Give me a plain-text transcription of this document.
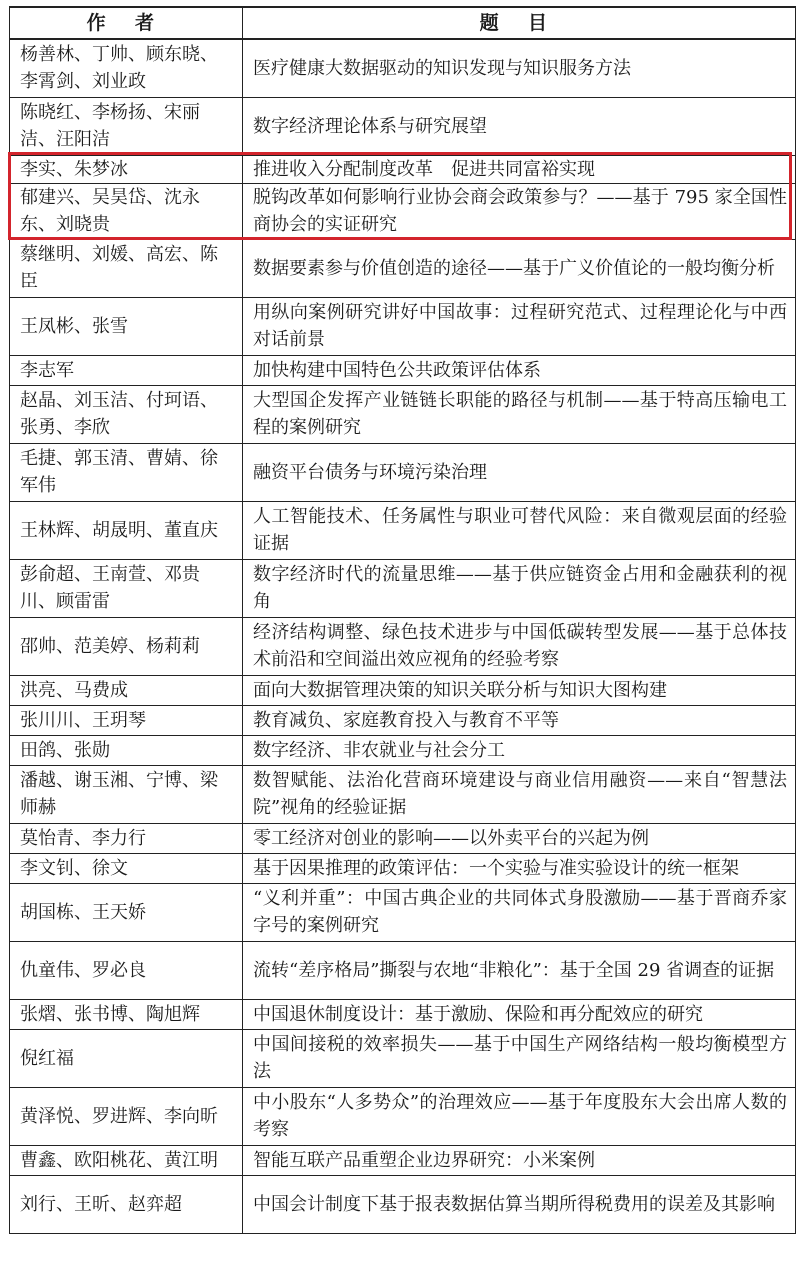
作 者	题 目
杨善林、丁帅、顾东晓、李霄剑、刘业政	医疗健康大数据驱动的知识发现与知识服务方法
陈晓红、李杨扬、宋丽洁、汪阳洁	数字经济理论体系与研究展望
李实、朱梦冰	推进收入分配制度改革　促进共同富裕实现
郁建兴、吴昊岱、沈永东、刘晓贵	脱钩改革如何影响行业协会商会政策参与？——基于 795 家全国性商协会的实证研究
蔡继明、刘媛、高宏、陈臣	数据要素参与价值创造的途径——基于广义价值论的一般均衡分析
王凤彬、张雪	用纵向案例研究讲好中国故事：过程研究范式、过程理论化与中西对话前景
李志军	加快构建中国特色公共政策评估体系
赵晶、刘玉洁、付珂语、张勇、李欣	大型国企发挥产业链链长职能的路径与机制——基于特高压输电工程的案例研究
毛捷、郭玉清、曹婧、徐军伟	融资平台债务与环境污染治理
王林辉、胡晟明、董直庆	人工智能技术、任务属性与职业可替代风险：来自微观层面的经验证据
彭俞超、王南萱、邓贵川、顾雷雷	数字经济时代的流量思维——基于供应链资金占用和金融获利的视角
邵帅、范美婷、杨莉莉	经济结构调整、绿色技术进步与中国低碳转型发展——基于总体技术前沿和空间溢出效应视角的经验考察
洪亮、马费成	面向大数据管理决策的知识关联分析与知识大图构建
张川川、王玥琴	教育减负、家庭教育投入与教育不平等
田鸽、张勋	数字经济、非农就业与社会分工
潘越、谢玉湘、宁博、梁师赫	数智赋能、法治化营商环境建设与商业信用融资——来自“智慧法院”视角的经验证据
莫怡青、李力行	零工经济对创业的影响——以外卖平台的兴起为例
李文钊、徐文	基于因果推理的政策评估：一个实验与准实验设计的统一框架
胡国栋、王天娇	“义利并重”：中国古典企业的共同体式身股激励——基于晋商乔家字号的案例研究
仇童伟、罗必良	流转“差序格局”撕裂与农地“非粮化”：基于全国 29 省调查的证据
张熠、张书博、陶旭辉	中国退休制度设计：基于激励、保险和再分配效应的研究
倪红福	中国间接税的效率损失——基于中国生产网络结构一般均衡模型方法
黄泽悦、罗进辉、李向昕	中小股东“人多势众”的治理效应——基于年度股东大会出席人数的考察
曹鑫、欧阳桃花、黄江明	智能互联产品重塑企业边界研究：小米案例
刘行、王昕、赵弈超	中国会计制度下基于报表数据估算当期所得税费用的误差及其影响
